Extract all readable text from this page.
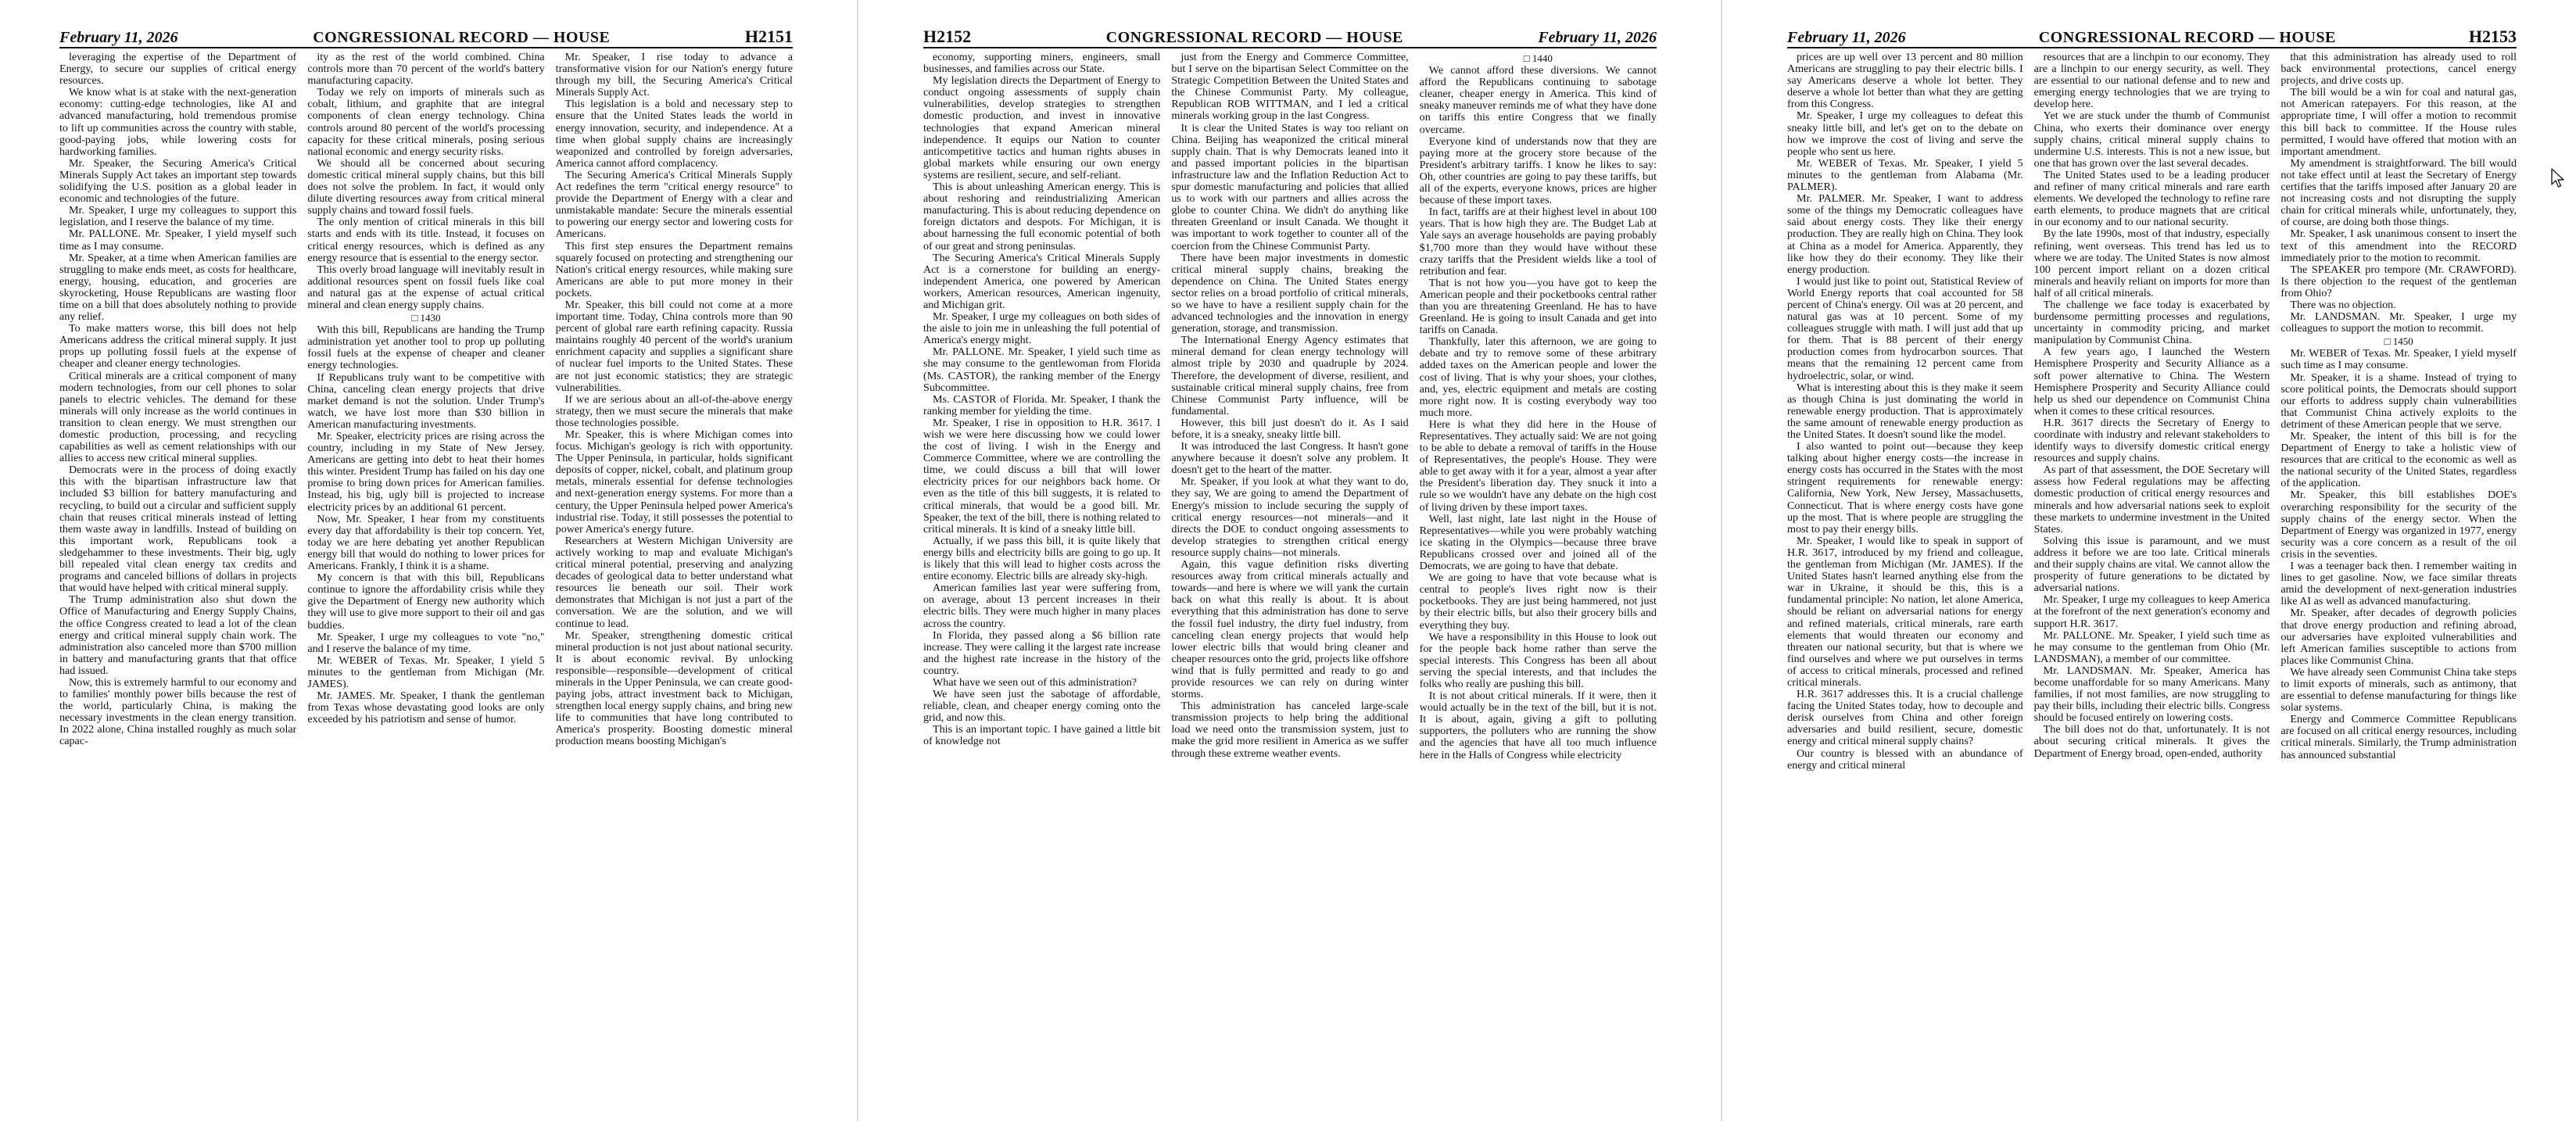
February 11, 2026	CONGRESSIONAL RECORD — HOUSE	H2151

leveraging the expertise of the Department of Energy, to secure our supplies of critical energy resources.

We know what is at stake with the next-generation economy: cutting-edge technologies, like AI and advanced manufacturing, hold tremendous promise to lift up communities across the country with stable, good-paying jobs, while lowering costs for hardworking families.

Mr. Speaker, the Securing America's Critical Minerals Supply Act takes an important step towards solidifying the U.S. position as a global leader in economic and technologies of the future.

Mr. Speaker, I urge my colleagues to support this legislation, and I reserve the balance of my time.

Mr. PALLONE. Mr. Speaker, I yield myself such time as I may consume.

Mr. Speaker, at a time when American families are struggling to make ends meet, as costs for healthcare, energy, housing, education, and groceries are skyrocketing, House Republicans are wasting floor time on a bill that does absolutely nothing to provide any relief.

To make matters worse, this bill does not help Americans address the critical mineral supply. It just props up polluting fossil fuels at the expense of cheaper and cleaner energy technologies.

Critical minerals are a critical component of many modern technologies, from our cell phones to solar panels to electric vehicles. The demand for these minerals will only increase as the world continues in transition to clean energy. We must strengthen our domestic production, processing, and recycling capabilities as well as cement relationships with our allies to access new critical mineral supplies.

Democrats were in the process of doing exactly this with the bipartisan infrastructure law that included $3 billion for battery manufacturing and recycling, to build out a circular and sufficient supply chain that reuses critical minerals instead of letting them waste away in landfills. Instead of building on this important work, Republicans took a sledgehammer to these investments. Their big, ugly bill repealed vital clean energy tax credits and programs and canceled billions of dollars in projects that would have helped with critical mineral supply.

The Trump administration also shut down the Office of Manufacturing and Energy Supply Chains, the office Congress created to lead a lot of the clean energy and critical mineral supply chain work. The administration also canceled more than $700 million in battery and manufacturing grants that that office had issued.

Now, this is extremely harmful to our economy and to families' monthly power bills because the rest of the world, particularly China, is making the necessary investments in the clean energy transition. In 2022 alone, China installed roughly as much solar capac-

ity as the rest of the world combined. China controls more than 70 percent of the world's battery manufacturing capacity.

Today we rely on imports of minerals such as cobalt, lithium, and graphite that are integral components of clean energy technology. China controls around 80 percent of the world's processing capacity for these critical minerals, posing serious national economic and energy security risks.

We should all be concerned about securing domestic critical mineral supply chains, but this bill does not solve the problem. In fact, it would only dilute diverting resources away from critical mineral supply chains and toward fossil fuels.

The only mention of critical minerals in this bill starts and ends with its title. Instead, it focuses on critical energy resources, which is defined as any energy resource that is essential to the energy sector.

This overly broad language will inevitably result in additional resources spent on fossil fuels like coal and natural gas at the expense of actual critical mineral and clean energy supply chains.

□ 1430

With this bill, Republicans are handing the Trump administration yet another tool to prop up polluting fossil fuels at the expense of cheaper and cleaner energy technologies.

If Republicans truly want to be competitive with China, canceling clean energy projects that drive market demand is not the solution. Under Trump's watch, we have lost more than $30 billion in American manufacturing investments.

Mr. Speaker, electricity prices are rising across the country, including in my State of New Jersey. Americans are getting into debt to heat their homes this winter. President Trump has failed on his day one promise to bring down prices for American families. Instead, his big, ugly bill is projected to increase electricity prices by an additional 61 percent.

Now, Mr. Speaker, I hear from my constituents every day that affordability is their top concern. Yet, today we are here debating yet another Republican energy bill that would do nothing to lower prices for Americans. Frankly, I think it is a shame.

My concern is that with this bill, Republicans continue to ignore the affordability crisis while they give the Department of Energy new authority which they will use to give more support to their oil and gas buddies.

Mr. Speaker, I urge my colleagues to vote "no," and I reserve the balance of my time.

Mr. WEBER of Texas. Mr. Speaker, I yield 5 minutes to the gentleman from Michigan (Mr. JAMES).

Mr. JAMES. Mr. Speaker, I thank the gentleman from Texas whose devastating good looks are only exceeded by his patriotism and sense of humor.

Mr. Speaker, I rise today to advance a transformative vision for our Nation's energy future through my bill, the Securing America's Critical Minerals Supply Act.

This legislation is a bold and necessary step to ensure that the United States leads the world in energy innovation, security, and independence. At a time when global supply chains are increasingly weaponized and controlled by foreign adversaries, America cannot afford complacency.

The Securing America's Critical Minerals Supply Act redefines the term "critical energy resource" to provide the Department of Energy with a clear and unmistakable mandate: Secure the minerals essential to powering our energy sector and lowering costs for Americans.

This first step ensures the Department remains squarely focused on protecting and strengthening our Nation's critical energy resources, while making sure Americans are able to put more money in their pockets.

Mr. Speaker, this bill could not come at a more important time. Today, China controls more than 90 percent of global rare earth refining capacity. Russia maintains roughly 40 percent of the world's uranium enrichment capacity and supplies a significant share of nuclear fuel imports to the United States. These are not just economic statistics; they are strategic vulnerabilities.

If we are serious about an all-of-the-above energy strategy, then we must secure the minerals that make those technologies possible.

Mr. Speaker, this is where Michigan comes into focus. Michigan's geology is rich with opportunity. The Upper Peninsula, in particular, holds significant deposits of copper, nickel, cobalt, and platinum group metals, minerals essential for defense technologies and next-generation energy systems. For more than a century, the Upper Peninsula helped power America's industrial rise. Today, it still possesses the potential to power America's energy future.

Researchers at Western Michigan University are actively working to map and evaluate Michigan's critical mineral potential, preserving and analyzing decades of geological data to better understand what resources lie beneath our soil. Their work demonstrates that Michigan is not just a part of the conversation. We are the solution, and we will continue to lead.

Mr. Speaker, strengthening domestic critical mineral production is not just about national security. It is about economic revival. By unlocking responsible—responsible—development of critical minerals in the Upper Peninsula, we can create good-paying jobs, attract investment back to Michigan, strengthen local energy supply chains, and bring new life to communities that have long contributed to America's prosperity. Boosting domestic mineral production means boosting Michigan's

H2152	CONGRESSIONAL RECORD — HOUSE	February 11, 2026

economy, supporting miners, engineers, small businesses, and families across our State.

My legislation directs the Department of Energy to conduct ongoing assessments of supply chain vulnerabilities, develop strategies to strengthen domestic production, and invest in innovative technologies that expand American mineral independence. It equips our Nation to counter anticompetitive tactics and human rights abuses in global markets while ensuring our own energy systems are resilient, secure, and self-reliant.

This is about unleashing American energy. This is about reshoring and reindustrializing American manufacturing. This is about reducing dependence on foreign dictators and despots. For Michigan, it is about harnessing the full economic potential of both of our great and strong peninsulas.

The Securing America's Critical Minerals Supply Act is a cornerstone for building an energy-independent America, one powered by American workers, American resources, American ingenuity, and Michigan grit.

Mr. Speaker, I urge my colleagues on both sides of the aisle to join me in unleashing the full potential of America's energy might.

Mr. PALLONE. Mr. Speaker, I yield such time as she may consume to the gentlewoman from Florida (Ms. CASTOR), the ranking member of the Energy Subcommittee.

Ms. CASTOR of Florida. Mr. Speaker, I thank the ranking member for yielding the time.

Mr. Speaker, I rise in opposition to H.R. 3617. I wish we were here discussing how we could lower the cost of living. I wish in the Energy and Commerce Committee, where we are controlling the time, we could discuss a bill that will lower electricity prices for our neighbors back home. Or even as the title of this bill suggests, it is related to critical minerals, that would be a good bill. Mr. Speaker, the text of the bill, there is nothing related to critical minerals. It is kind of a sneaky little bill.

Actually, if we pass this bill, it is quite likely that energy bills and electricity bills are going to go up. It is likely that this will lead to higher costs across the entire economy. Electric bills are already sky-high.

American families last year were suffering from, on average, about 13 percent increases in their electric bills. They were much higher in many places across the country.

In Florida, they passed along a $6 billion rate increase. They were calling it the largest rate increase and the highest rate increase in the history of the country.

What have we seen out of this administration?

We have seen just the sabotage of affordable, reliable, clean, and cheaper energy coming onto the grid, and now this.

This is an important topic. I have gained a little bit of knowledge not

just from the Energy and Commerce Committee, but I serve on the bipartisan Select Committee on the Strategic Competition Between the United States and the Chinese Communist Party. My colleague, Republican ROB WITTMAN, and I led a critical minerals working group in the last Congress.

It is clear the United States is way too reliant on China. Beijing has weaponized the critical mineral supply chain. That is why Democrats leaned into it and passed important policies in the bipartisan infrastructure law and the Inflation Reduction Act to spur domestic manufacturing and policies that allied us to work with our partners and allies across the globe to counter China. We didn't do anything like threaten Greenland or insult Canada. We thought it was important to work together to counter all of the coercion from the Chinese Communist Party.

There have been major investments in domestic critical mineral supply chains, breaking the dependence on China. The United States energy sector relies on a broad portfolio of critical minerals, so we have to have a resilient supply chain for the advanced technologies and the innovation in energy generation, storage, and transmission.

The International Energy Agency estimates that mineral demand for clean energy technology will almost triple by 2030 and quadruple by 2024. Therefore, the development of diverse, resilient, and sustainable critical mineral supply chains, free from Chinese Communist Party influence, will be fundamental.

However, this bill just doesn't do it. As I said before, it is a sneaky, sneaky little bill.

It was introduced the last Congress. It hasn't gone anywhere because it doesn't solve any problem. It doesn't get to the heart of the matter.

Mr. Speaker, if you look at what they want to do, they say, We are going to amend the Department of Energy's mission to include securing the supply of critical energy resources—not minerals—and it directs the DOE to conduct ongoing assessments to develop strategies to strengthen critical energy resource supply chains—not minerals.

Again, this vague definition risks diverting resources away from critical minerals actually and towards—and here is where we will yank the curtain back on what this really is about. It is about everything that this administration has done to serve the fossil fuel industry, the dirty fuel industry, from canceling clean energy projects that would help lower electric bills that would bring cleaner and cheaper resources onto the grid, projects like offshore wind that is fully permitted and ready to go and provide resources we can rely on during winter storms.

This administration has canceled large-scale transmission projects to help bring the additional load we need onto the transmission system, just to make the grid more resilient in America as we suffer through these extreme weather events.

□ 1440

We cannot afford these diversions. We cannot afford the Republicans continuing to sabotage cleaner, cheaper energy in America. This kind of sneaky maneuver reminds me of what they have done on tariffs this entire Congress that we finally overcame.

Everyone kind of understands now that they are paying more at the grocery store because of the President's arbitrary tariffs. I know he likes to say: Oh, other countries are going to pay these tariffs, but all of the experts, everyone knows, prices are higher because of these import taxes.

In fact, tariffs are at their highest level in about 100 years. That is how high they are. The Budget Lab at Yale says an average households are paying probably $1,700 more than they would have without these crazy tariffs that the President wields like a tool of retribution and fear.

That is not how you—you have got to keep the American people and their pocketbooks central rather than you are threatening Greenland. He has to have Greenland. He is going to insult Canada and get into tariffs on Canada.

Thankfully, later this afternoon, we are going to debate and try to remove some of these arbitrary added taxes on the American people and lower the cost of living. That is why your shoes, your clothes, and, yes, electric equipment and metals are costing more right now. It is costing everybody way too much more.

Here is what they did here in the House of Representatives. They actually said: We are not going to be able to debate a removal of tariffs in the House of Representatives, the people's House. They were able to get away with it for a year, almost a year after the President's liberation day. They snuck it into a rule so we wouldn't have any debate on the high cost of living driven by these import taxes.

Well, last night, late last night in the House of Representatives—while you were probably watching ice skating in the Olympics—because three brave Republicans crossed over and joined all of the Democrats, we are going to have that debate.

We are going to have that vote because what is central to people's lives right now is their pocketbooks. They are just being hammered, not just by their electric bills, but also their grocery bills and everything they buy.

We have a responsibility in this House to look out for the people back home rather than serve the special interests. This Congress has been all about serving the special interests, and that includes the folks who really are pushing this bill.

It is not about critical minerals. If it were, then it would actually be in the text of the bill, but it is not. It is about, again, giving a gift to polluting supporters, the polluters who are running the show and the agencies that have all too much influence here in the Halls of Congress while electricity

February 11, 2026	CONGRESSIONAL RECORD — HOUSE	H2153

prices are up well over 13 percent and 80 million Americans are struggling to pay their electric bills. I say Americans deserve a whole lot better. They deserve a whole lot better than what they are getting from this Congress.

Mr. Speaker, I urge my colleagues to defeat this sneaky little bill, and let's get on to the debate on how we improve the cost of living and serve the people who sent us here.

Mr. WEBER of Texas. Mr. Speaker, I yield 5 minutes to the gentleman from Alabama (Mr. PALMER).

Mr. PALMER. Mr. Speaker, I want to address some of the things my Democratic colleagues have said about energy costs. They like their energy production. They are really high on China. They look at China as a model for America. Apparently, they like how they do their economy. They like their energy production.

I would just like to point out, Statistical Review of World Energy reports that coal accounted for 58 percent of China's energy. Oil was at 20 percent, and natural gas was at 10 percent. Some of my colleagues struggle with math. I will just add that up for them. That is 88 percent of their energy production comes from hydrocarbon sources. That means that the remaining 12 percent came from hydroelectric, solar, or wind.

What is interesting about this is they make it seem as though China is just dominating the world in renewable energy production. That is approximately the same amount of renewable energy production as the United States. It doesn't sound like the model.

I also wanted to point out—because they keep talking about higher energy costs—the increase in energy costs has occurred in the States with the most stringent requirements for renewable energy: California, New York, New Jersey, Massachusetts, Connecticut. That is where energy costs have gone up the most. That is where people are struggling the most to pay their energy bills.

Mr. Speaker, I would like to speak in support of H.R. 3617, introduced by my friend and colleague, the gentleman from Michigan (Mr. JAMES). If the United States hasn't learned anything else from the war in Ukraine, it should be this, this is a fundamental principle: No nation, let alone America, should be reliant on adversarial nations for energy and refined materials, critical minerals, rare earth elements that would threaten our economy and threaten our national security, but that is where we find ourselves and where we put ourselves in terms of access to critical minerals, processed and refined critical minerals.

H.R. 3617 addresses this. It is a crucial challenge facing the United States today, how to decouple and derisk ourselves from China and other foreign adversaries and build resilient, secure, domestic energy and critical mineral supply chains?

Our country is blessed with an abundance of energy and critical mineral

resources that are a linchpin to our economy. They are a linchpin to our energy security, as well. They are essential to our national defense and to new and emerging energy technologies that we are trying to develop here.

Yet we are stuck under the thumb of Communist China, who exerts their dominance over energy supply chains, critical mineral supply chains to undermine U.S. interests. This is not a new issue, but one that has grown over the last several decades.

The United States used to be a leading producer and refiner of many critical minerals and rare earth elements. We developed the technology to refine rare earth elements, to produce magnets that are critical in our economy and to our national security.

By the late 1990s, most of that industry, especially refining, went overseas. This trend has led us to where we are today. The United States is now almost 100 percent import reliant on a dozen critical minerals and heavily reliant on imports for more than half of all critical minerals.

The challenge we face today is exacerbated by burdensome permitting processes and regulations, uncertainty in commodity pricing, and market manipulation by Communist China.

A few years ago, I launched the Western Hemisphere Prosperity and Security Alliance as a soft power alternative to China. The Western Hemisphere Prosperity and Security Alliance could help us shed our dependence on Communist China when it comes to these critical resources.

H.R. 3617 directs the Secretary of Energy to coordinate with industry and relevant stakeholders to identify ways to diversify domestic critical energy resources and supply chains.

As part of that assessment, the DOE Secretary will assess how Federal regulations may be affecting domestic production of critical energy resources and minerals and how adversarial nations seek to exploit these markets to undermine investment in the United States.

Solving this issue is paramount, and we must address it before we are too late. Critical minerals and their supply chains are vital. We cannot allow the prosperity of future generations to be dictated by adversarial nations.

Mr. Speaker, I urge my colleagues to keep America at the forefront of the next generation's economy and support H.R. 3617.

Mr. PALLONE. Mr. Speaker, I yield such time as he may consume to the gentleman from Ohio (Mr. LANDSMAN), a member of our committee.

Mr. LANDSMAN. Mr. Speaker, America has become unaffordable for so many Americans. Many families, if not most families, are now struggling to pay their bills, including their electric bills. Congress should be focused entirely on lowering costs.

The bill does not do that, unfortunately. It is not about securing critical minerals. It gives the Department of Energy broad, open-ended, authority

that this administration has already used to roll back environmental protections, cancel energy projects, and drive costs up.

The bill would be a win for coal and natural gas, not American ratepayers. For this reason, at the appropriate time, I will offer a motion to recommit this bill back to committee. If the House rules permitted, I would have offered that motion with an important amendment.

My amendment is straightforward. The bill would not take effect until at least the Secretary of Energy certifies that the tariffs imposed after January 20 are not increasing costs and not disrupting the supply chain for critical minerals while, unfortunately, they, of course, are doing both those things.

Mr. Speaker, I ask unanimous consent to insert the text of this amendment into the RECORD immediately prior to the motion to recommit.

The SPEAKER pro tempore (Mr. CRAWFORD). Is there objection to the request of the gentleman from Ohio?

There was no objection.

Mr. LANDSMAN. Mr. Speaker, I urge my colleagues to support the motion to recommit.

□ 1450

Mr. WEBER of Texas. Mr. Speaker, I yield myself such time as I may consume.

Mr. Speaker, it is a shame. Instead of trying to score political points, the Democrats should support our efforts to address supply chain vulnerabilities that Communist China actively exploits to the detriment of these American people that we serve.

Mr. Speaker, the intent of this bill is for the Department of Energy to take a holistic view of resources that are critical to the economic as well as the national security of the United States, regardless of the application.

Mr. Speaker, this bill establishes DOE's overarching responsibility for the security of the supply chains of the energy sector. When the Department of Energy was organized in 1977, energy security was a core concern as a result of the oil crisis in the seventies.

I was a teenager back then. I remember waiting in lines to get gasoline. Now, we face similar threats amid the development of next-generation industries like AI as well as advanced manufacturing.

Mr. Speaker, after decades of degrowth policies that drove energy production and refining abroad, our adversaries have exploited vulnerabilities and left American families susceptible to actions from places like Communist China.

We have already seen Communist China take steps to limit exports of minerals, such as antimony, that are essential to defense manufacturing for things like solar systems.

Energy and Commerce Committee Republicans are focused on all critical energy resources, including critical minerals. Similarly, the Trump administration has announced substantial
